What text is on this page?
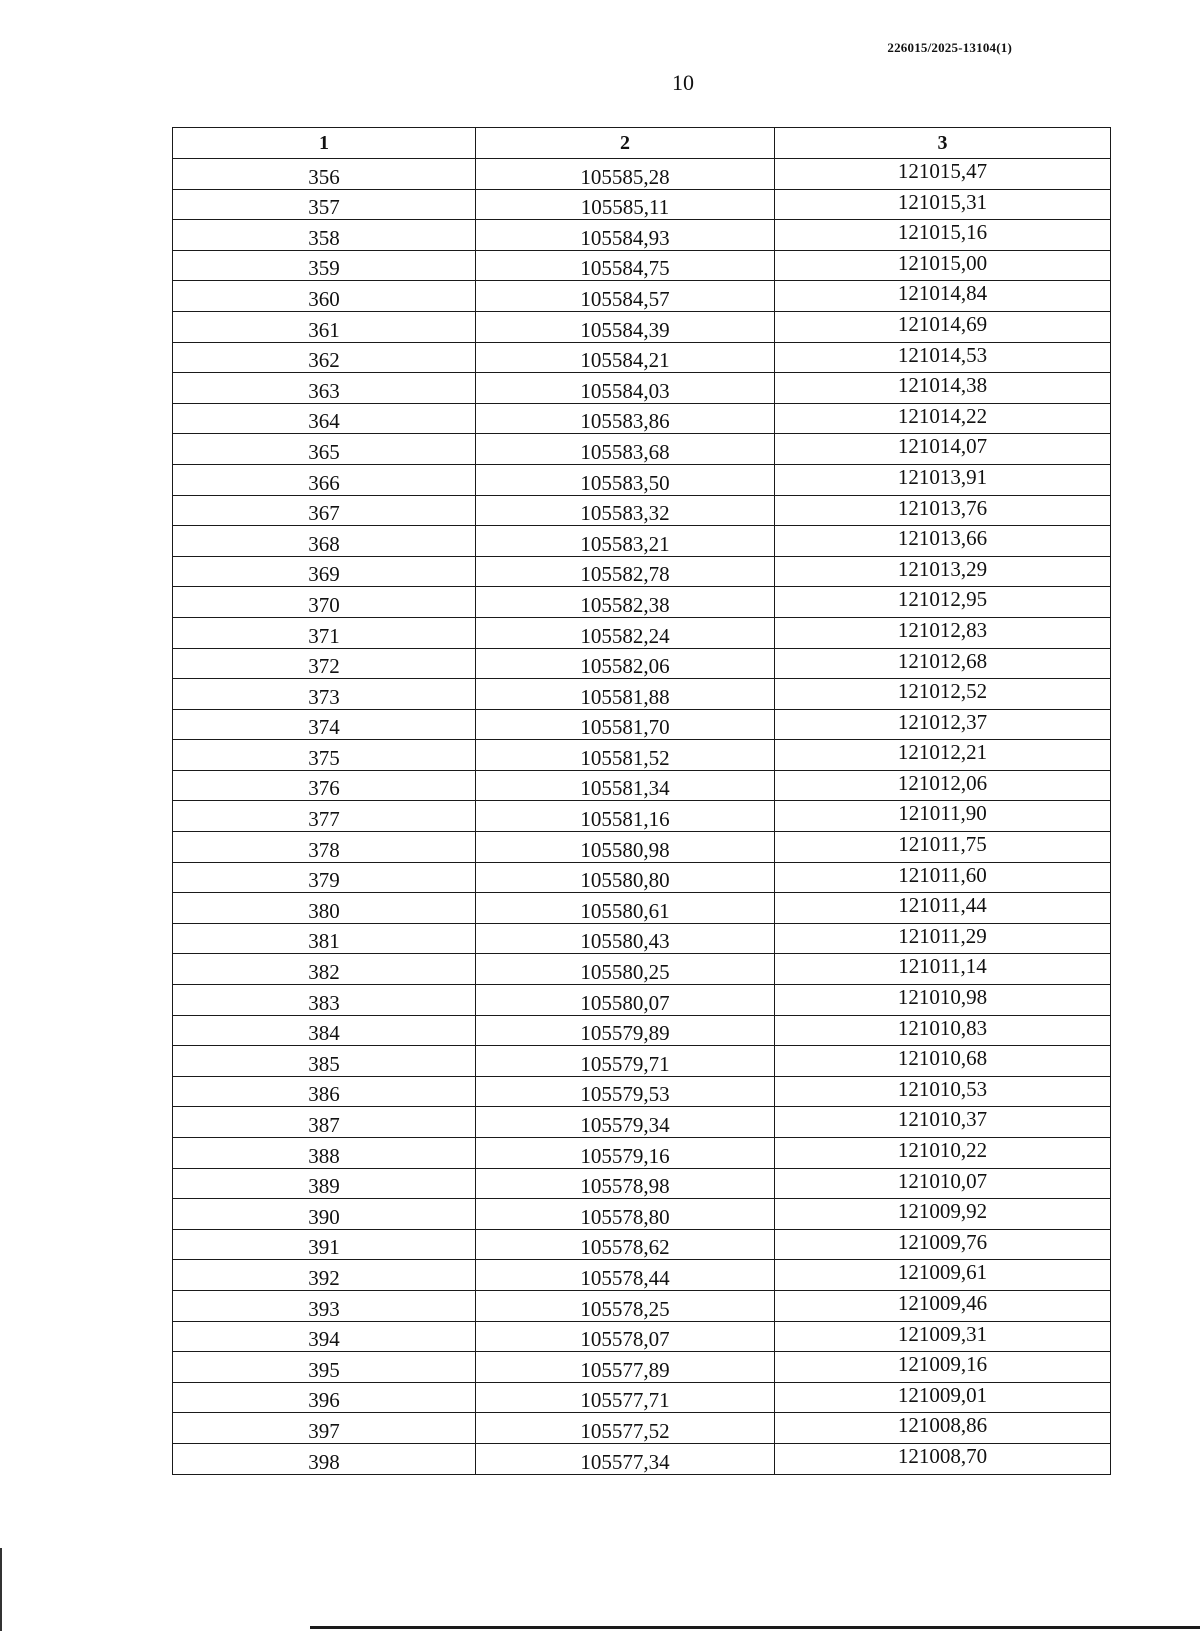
226015/2025-13104(1)
10
1	2	3
356	105585,28	121015,47
357	105585,11	121015,31
358	105584,93	121015,16
359	105584,75	121015,00
360	105584,57	121014,84
361	105584,39	121014,69
362	105584,21	121014,53
363	105584,03	121014,38
364	105583,86	121014,22
365	105583,68	121014,07
366	105583,50	121013,91
367	105583,32	121013,76
368	105583,21	121013,66
369	105582,78	121013,29
370	105582,38	121012,95
371	105582,24	121012,83
372	105582,06	121012,68
373	105581,88	121012,52
374	105581,70	121012,37
375	105581,52	121012,21
376	105581,34	121012,06
377	105581,16	121011,90
378	105580,98	121011,75
379	105580,80	121011,60
380	105580,61	121011,44
381	105580,43	121011,29
382	105580,25	121011,14
383	105580,07	121010,98
384	105579,89	121010,83
385	105579,71	121010,68
386	105579,53	121010,53
387	105579,34	121010,37
388	105579,16	121010,22
389	105578,98	121010,07
390	105578,80	121009,92
391	105578,62	121009,76
392	105578,44	121009,61
393	105578,25	121009,46
394	105578,07	121009,31
395	105577,89	121009,16
396	105577,71	121009,01
397	105577,52	121008,86
398	105577,34	121008,70
